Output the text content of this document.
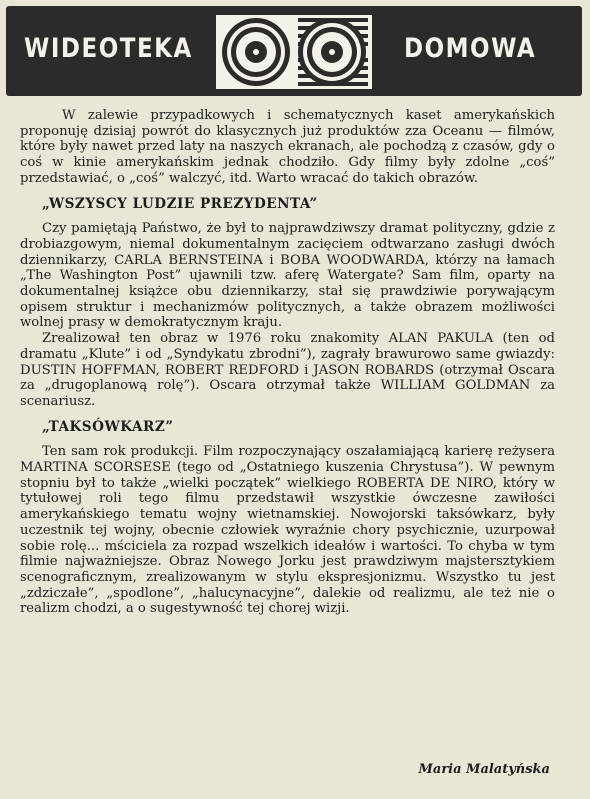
WIDEOTEKA	DOMOWA

W zalewie przypadkowych i schematycznych kaset amerykańskich proponuję dzisiaj powrót do klasycznych już produktów zza Oceanu — filmów, które były nawet przed laty na naszych ekranach, ale pochodzą z czasów, gdy o coś w kinie amerykańskim jednak chodziło. Gdy filmy były zdolne „coś” przedstawiać, o „coś” walczyć, itd. Warto wracać do takich obrazów.

„WSZYSCY LUDZIE PREZYDENTA”

Czy pamiętają Państwo, że był to najprawdziwszy dramat polityczny, gdzie z drobiazgowym, niemal dokumentalnym zacięciem odtwarzano zasługi dwóch dziennikarzy, CARLA BERNSTEINA i BOBA WOODWARDA, którzy na łamach „The Washington Post” ujawnili tzw. aferę Watergate? Sam film, oparty na dokumentalnej książce obu dziennikarzy, stał się prawdziwie porywającym opisem struktur i mechanizmów politycznych, a także obrazem możliwości wolnej prasy w demokratycznym kraju.

Zrealizował ten obraz w 1976 roku znakomity ALAN PAKULA (ten od dramatu „Klute” i od „Syndykatu zbrodni”), zagrały brawurowo same gwiazdy: DUSTIN HOFFMAN, ROBERT REDFORD i JASON ROBARDS (otrzymał Oscara za „drugoplanową rolę”). Oscara otrzymał także WILLIAM GOLDMAN za scenariusz.

„TAKSÓWKARZ”

Ten sam rok produkcji. Film rozpoczynający oszałamiającą karierę reżysera MARTINA SCORSESE (tego od „Ostatniego kuszenia Chrystusa”). W pewnym stopniu był to także „wielki początek” wielkiego ROBERTA DE NIRO, który w tytułowej roli tego filmu przedstawił wszystkie ówczesne zawiłości amerykańskiego tematu wojny wietnamskiej. Nowojorski taksówkarz, były uczestnik tej wojny, obecnie człowiek wyraźnie chory psychicznie, uzurpował sobie rolę... mściciela za rozpad wszelkich ideałów i wartości. To chyba w tym filmie najważniejsze. Obraz Nowego Jorku jest prawdziwym majstersztykiem scenograficznym, zrealizowanym w stylu ekspresjonizmu. Wszystko tu jest „zdziczałe”, „spodlone”, „halucynacyjne”, dalekie od realizmu, ale też nie o realizm chodzi, a o sugestywność tej chorej wizji.

Maria Malatyńska
